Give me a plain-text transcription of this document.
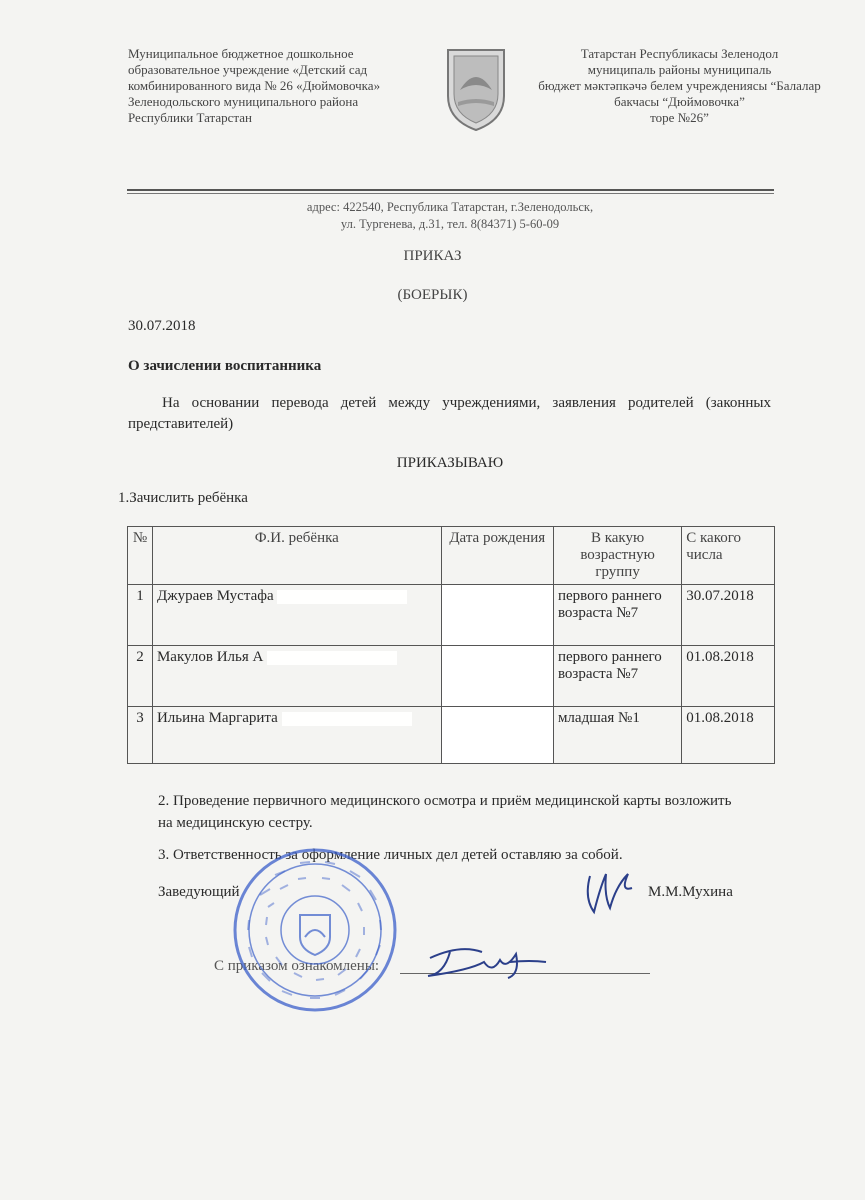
Муниципальное бюджетное дошкольное
образовательное учреждение «Детский сад
комбинированного вида № 26 «Дюймовочка»
Зеленодольского муниципального района
Республики Татарстан
Татарстан Республикасы Зеленодол
муниципаль районы муниципаль
бюджет мәктәпкәчә белем учреждениясы “Балалар
бакчасы “Дюймовочка”
торе №26”
адрес: 422540, Республика Татарстан, г.Зеленодольск,
ул. Тургенева, д.31, тел. 8(84371) 5-60-09
ПРИКАЗ
(БОЕРЫК)
30.07.2018
О зачислении воспитанника
На основании перевода детей между учреждениями, заявления родителей (законных представителей)
ПРИКАЗЫВАЮ
1.Зачислить ребёнка
№	Ф.И. ребёнка	Дата рождения	В какую возрастную группу	С какого числа
1	Джураев Мустафа		первого раннего возраста №7	30.07.2018
2	Макулов Илья А		первого раннего возраста №7	01.08.2018
3	Ильина Маргарита		младшая №1	01.08.2018
2. Проведение первичного медицинского осмотра и приём медицинской карты возложить на медицинскую сестру.
3. Ответственность за оформление личных дел детей оставляю за собой.
Заведующий	М.М.Мухина
С приказом ознакомлены:
